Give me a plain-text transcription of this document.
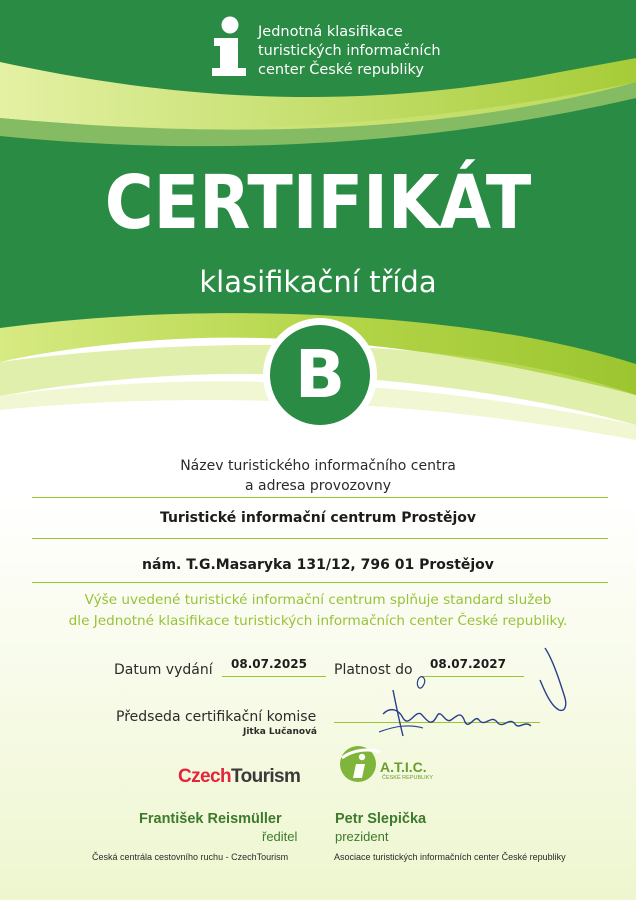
Jednotná klasifikace
turistických informačních
center České republiky
CERTIFIKÁT
klasifikační třída
B
Název turistického informačního centra
a adresa provozovny
Turistické informační centrum Prostějov
nám. T.G.Masaryka 131/12, 796 01 Prostějov
Výše uvedené turistické informační centrum splňuje standard služeb
dle Jednotné klasifikace turistických informačních center České republiky.
Datum vydání 08.07.2025 Platnost do 08.07.2027
Předseda certifikační komise
Jitka Lučanová
CzechTourism	A.T.I.C.
ČESKÉ REPUBLIKY
František Reismüller
ředitel
Česká centrála cestovního ruchu - CzechTourism
Petr Slepička
prezident
Asociace turistických informačních center České republiky
